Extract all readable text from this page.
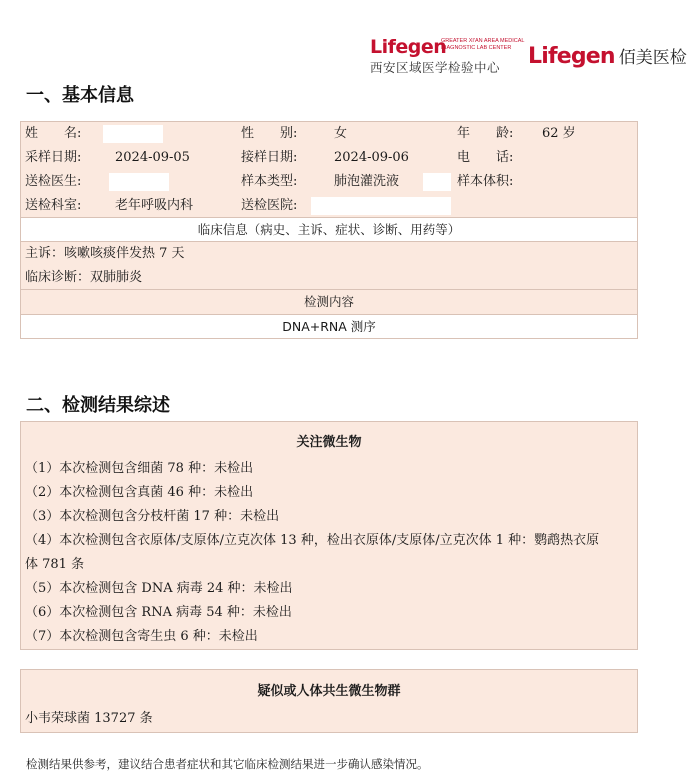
Lifegen
GREATER XI'AN AREA MEDICAL DIAGNOSTIC LAB CENTER
西安区域医学检验中心 Lifegen 佰美医检
一、基本信息
姓　　名:	性　　别:	女	年　　龄: 62 岁
采样日期:	2024-09-05	接样日期:	2024-09-06	电　　话:
送检医生:	样本类型:	肺泡灌洗液	样本体积:
送检科室:	老年呼吸内科	送检医院:
临床信息（病史、主诉、症状、诊断、用药等）
主诉：咳嗽咳痰伴发热 7 天
临床诊断：双肺肺炎
检测内容
DNA+RNA 测序
二、检测结果综述
关注微生物
（1）本次检测包含细菌 78 种：未检出
（2）本次检测包含真菌 46 种：未检出
（3）本次检测包含分枝杆菌 17 种：未检出
（4）本次检测包含衣原体/支原体/立克次体 13 种，检出衣原体/支原体/立克次体 1 种：鹦鹉热衣原
体 781 条
（5）本次检测包含 DNA 病毒 24 种：未检出
（6）本次检测包含 RNA 病毒 54 种：未检出
（7）本次检测包含寄生虫 6 种：未检出
疑似或人体共生微生物群
小韦荣球菌 13727 条
检测结果供参考，建议结合患者症状和其它临床检测结果进一步确认感染情况。
